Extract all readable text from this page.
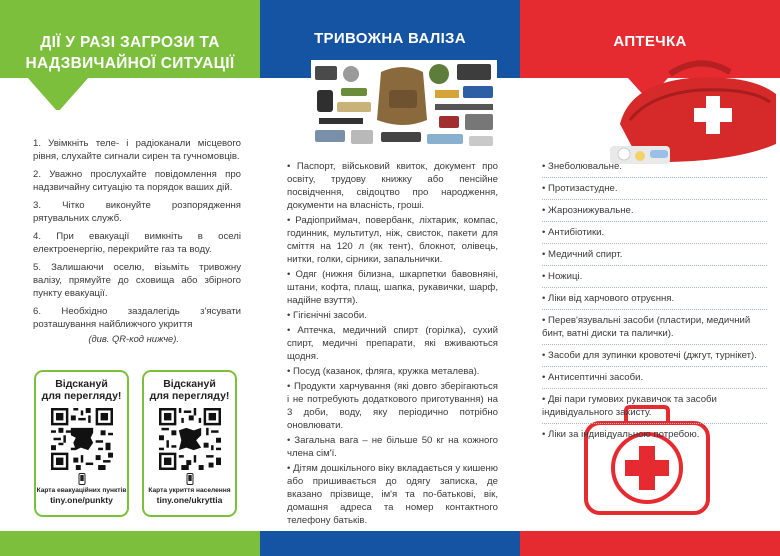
ДІЇ У РАЗІ ЗАГРОЗИ ТА
НАДЗВИЧАЙНОЇ СИТУАЦІЇ

1. Увімкніть теле- і радіоканали місцевого рівня, слухайте сигнали сирен та гучномовців.

2. Уважно прослухайте повідомлення про надзвичайну ситуацію та порядок ваших дій.

3. Чітко виконуйте розпорядження рятувальних служб.

4. При евакуації вимкніть в оселі електроенергію, перекрийте газ та воду.

5. Залишаючи оселю, візьміть тривожну валізу, прямуйте до сховища або збірного пункту евакуації.

6. Необхідно заздалегідь з'ясувати розташування найближчого укриття

(див. QR-код нижче).

Відскануй
для перегляду!
Карта евакуаційних пунктів
tiny.one/punkty
Відскануй
для перегляду!
Карта укриття населення
tiny.one/ukryttia
ТРИВОЖНА ВАЛІЗА

• Паспорт, військовий квиток, документ про освіту, трудову книжку або пенсійне посвідчення, свідоцтво про народження, документи на власність, гроші.

• Радіоприймач, повербанк, ліхтарик, компас, годинник, мультитул, ніж, свисток, пакети для сміття на 120 л (як тент), блокнот, олівець, нитки, голки, сірники, запальнички.

• Одяг (нижня білизна, шкарпетки бавовняні, штани, кофта, плащ, шапка, рукавички, шарф, надійне взуття).

• Гігієнічні засоби.

• Аптечка, медичний спирт (горілка), сухий спирт, медичні препарати, які вживаються щодня.

• Посуд (казанок, фляга, кружка металева).

• Продукти харчування (які довго зберігаються і не потребують додаткового приготування) на 3 доби, воду, яку періодично потрібно оновлювати.

• Загальна вага – не більше 50 кг на кожного члена сім'ї.

• Дітям дошкільного віку вкладається у кишеню або пришивається до одягу записка, де вказано прізвище, ім'я та по-батькові, вік, домашня адреса та номер контактного телефону батьків.

АПТЕЧКА
• Знеболювальне.
• Протизастудне.
• Жарознижувальне.
• Антибіотики.
• Медичний спирт.
• Ножиці.
• Ліки від харчового отруєння.
• Перев'язувальні засоби (пластири, медичний бинт, ватні диски та палички).
• Засоби для зупинки кровотечі (джгут, турнікет).
• Антисептичні засоби.
• Дві пари гумових рукавичок та засоби індивідуального захисту.
• Ліки за індивідуальною потребою.
